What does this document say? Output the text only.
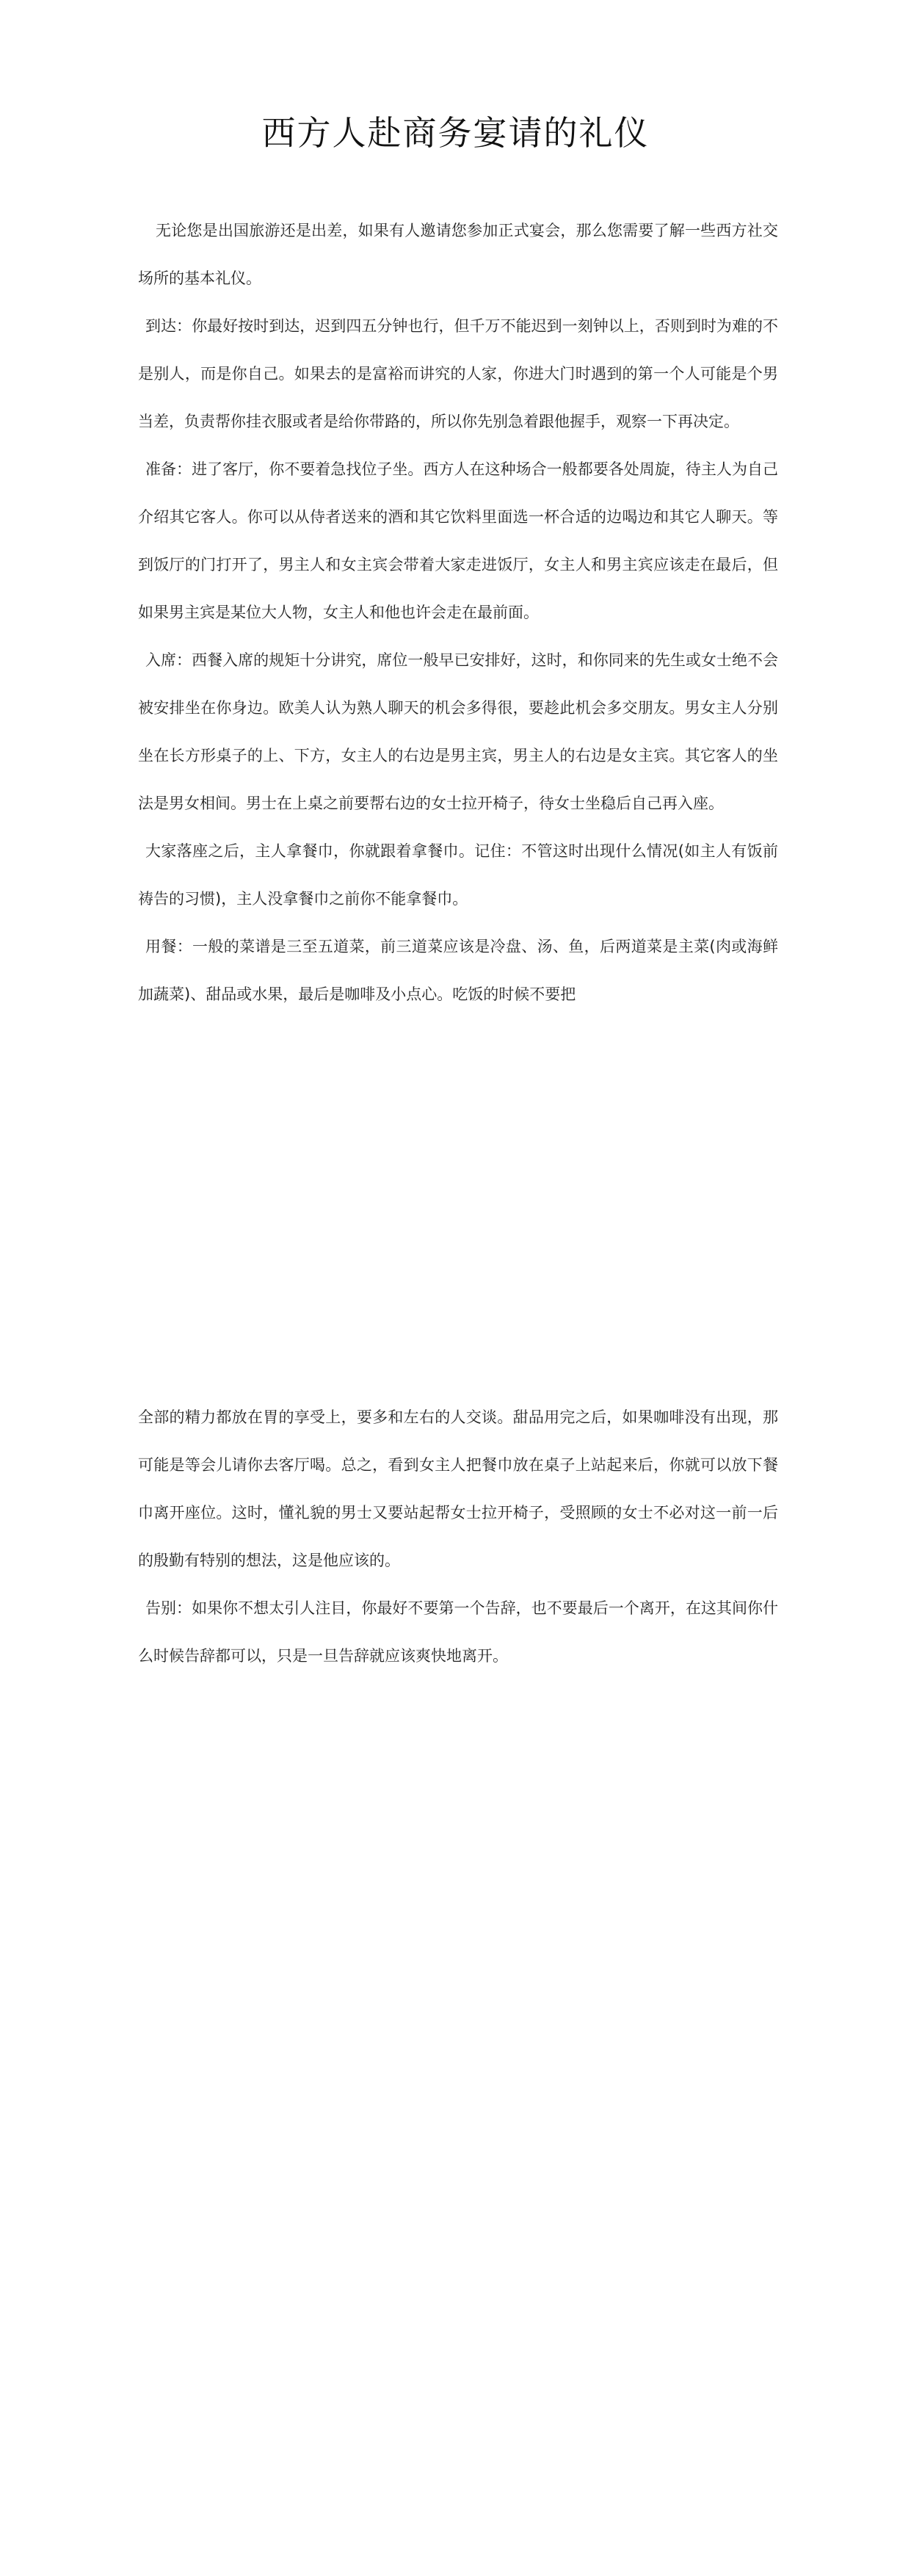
西方人赴商务宴请的礼仪

无论您是出国旅游还是出差，如果有人邀请您参加正式宴会，那么您需要了解一些西方社交场所的基本礼仪。

到达：你最好按时到达，迟到四五分钟也行，但千万不能迟到一刻钟以上，否则到时为难的不是别人，而是你自己。如果去的是富裕而讲究的人家，你进大门时遇到的第一个人可能是个男当差，负责帮你挂衣服或者是给你带路的，所以你先别急着跟他握手，观察一下再决定。

准备：进了客厅，你不要着急找位子坐。西方人在这种场合一般都要各处周旋，待主人为自己介绍其它客人。你可以从侍者送来的酒和其它饮料里面选一杯合适的边喝边和其它人聊天。等到饭厅的门打开了，男主人和女主宾会带着大家走进饭厅，女主人和男主宾应该走在最后，但如果男主宾是某位大人物，女主人和他也许会走在最前面。

入席：西餐入席的规矩十分讲究，席位一般早已安排好，这时，和你同来的先生或女士绝不会被安排坐在你身边。欧美人认为熟人聊天的机会多得很，要趁此机会多交朋友。男女主人分别坐在长方形桌子的上、下方，女主人的右边是男主宾，男主人的右边是女主宾。其它客人的坐法是男女相间。男士在上桌之前要帮右边的女士拉开椅子，待女士坐稳后自己再入座。

大家落座之后，主人拿餐巾，你就跟着拿餐巾。记住：不管这时出现什么情况(如主人有饭前祷告的习惯)，主人没拿餐巾之前你不能拿餐巾。

用餐：一般的菜谱是三至五道菜，前三道菜应该是冷盘、汤、鱼，后两道菜是主菜(肉或海鲜加蔬菜)、甜品或水果，最后是咖啡及小点心。吃饭的时候不要把

全部的精力都放在胃的享受上，要多和左右的人交谈。甜品用完之后，如果咖啡没有出现，那可能是等会儿请你去客厅喝。总之，看到女主人把餐巾放在桌子上站起来后，你就可以放下餐巾离开座位。这时，懂礼貌的男士又要站起帮女士拉开椅子，受照顾的女士不必对这一前一后的殷勤有特别的想法，这是他应该的。

告别：如果你不想太引人注目，你最好不要第一个告辞，也不要最后一个离开，在这其间你什么时候告辞都可以，只是一旦告辞就应该爽快地离开。
